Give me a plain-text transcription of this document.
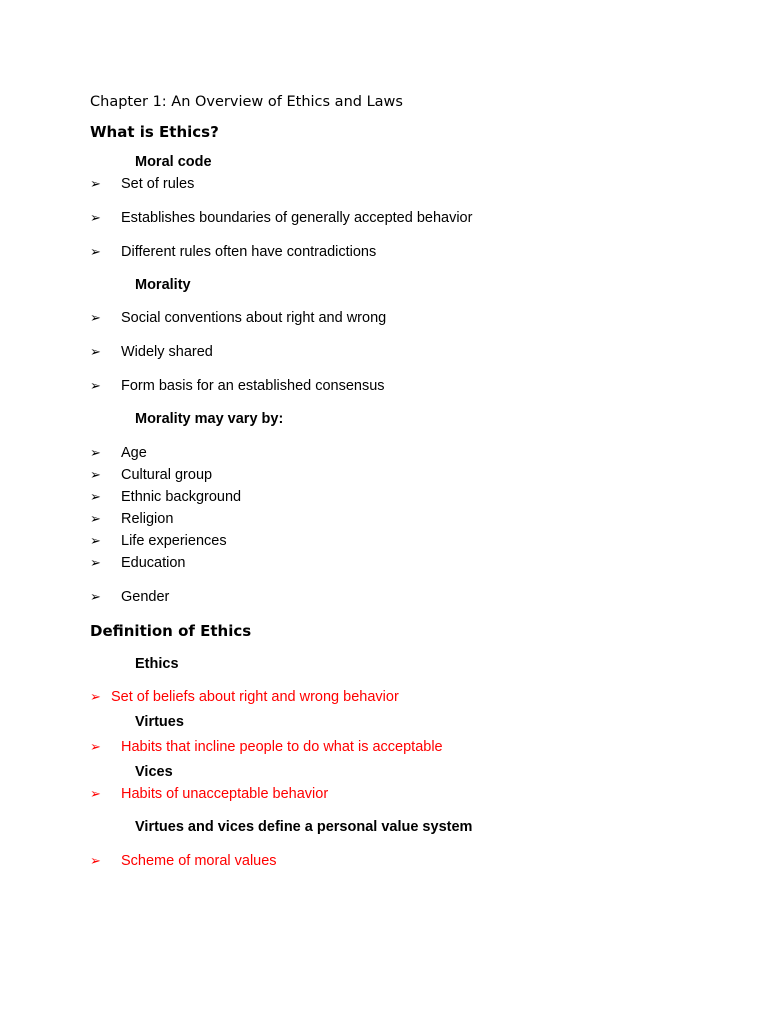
Chapter 1: An Overview of Ethics and Laws
What is Ethics?
Moral code
➢ Set of rules
➢ Establishes boundaries of generally accepted behavior
➢ Different rules often have contradictions
Morality
➢ Social conventions about right and wrong
➢ Widely shared
➢ Form basis for an established consensus
Morality may vary by:
➢ Age
➢ Cultural group
➢ Ethnic background
➢ Religion
➢ Life experiences
➢ Education
➢ Gender
Definition of Ethics
Ethics
➢ Set of beliefs about right and wrong behavior
Virtues
➢ Habits that incline people to do what is acceptable
Vices
➢ Habits of unacceptable behavior
Virtues and vices define a personal value system
➢ Scheme of moral values
